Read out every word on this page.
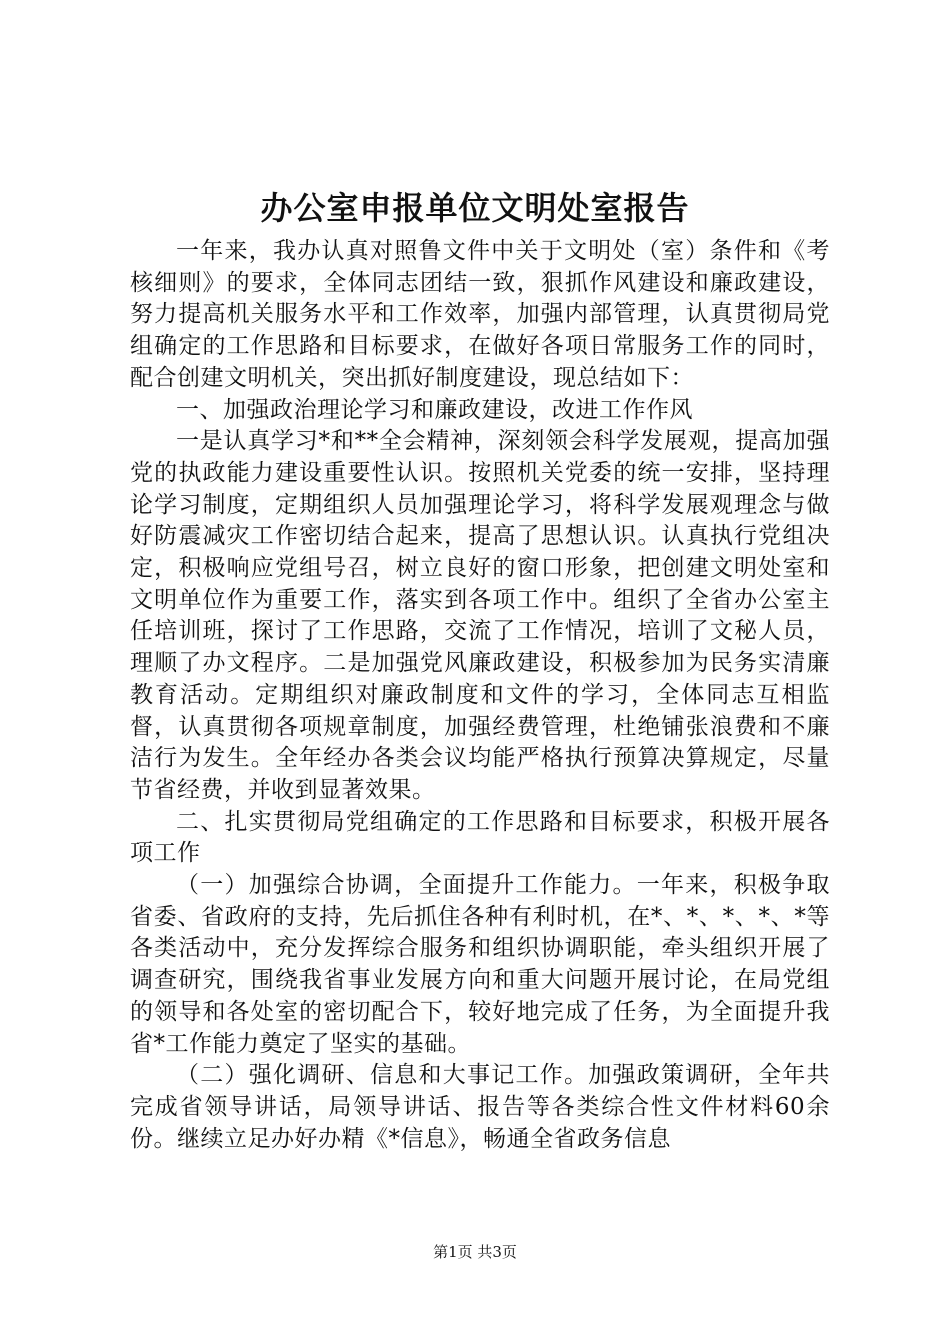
办公室申报单位文明处室报告

一年来，我办认真对照鲁文件中关于文明处（室）条件和《考核细则》的要求，全体同志团结一致，狠抓作风建设和廉政建设，努力提高机关服务水平和工作效率，加强内部管理，认真贯彻局党组确定的工作思路和目标要求，在做好各项日常服务工作的同时，配合创建文明机关，突出抓好制度建设，现总结如下：

一、加强政治理论学习和廉政建设，改进工作作风

一是认真学习*和**全会精神，深刻领会科学发展观，提高加强党的执政能力建设重要性认识。按照机关党委的统一安排，坚持理论学习制度，定期组织人员加强理论学习，将科学发展观理念与做好防震减灾工作密切结合起来，提高了思想认识。认真执行党组决定，积极响应党组号召，树立良好的窗口形象，把创建文明处室和文明单位作为重要工作，落实到各项工作中。组织了全省办公室主任培训班，探讨了工作思路，交流了工作情况，培训了文秘人员，理顺了办文程序。二是加强党风廉政建设，积极参加为民务实清廉教育活动。定期组织对廉政制度和文件的学习，全体同志互相监督，认真贯彻各项规章制度，加强经费管理，杜绝铺张浪费和不廉洁行为发生。全年经办各类会议均能严格执行预算决算规定，尽量节省经费，并收到显著效果。

二、扎实贯彻局党组确定的工作思路和目标要求，积极开展各项工作

（一）加强综合协调，全面提升工作能力。一年来，积极争取省委、省政府的支持，先后抓住各种有利时机，在*、*、*、*、*等各类活动中，充分发挥综合服务和组织协调职能，牵头组织开展了调查研究，围绕我省事业发展方向和重大问题开展讨论，在局党组的领导和各处室的密切配合下，较好地完成了任务，为全面提升我省*工作能力奠定了坚实的基础。

（二）强化调研、信息和大事记工作。加强政策调研，全年共完成省领导讲话，局领导讲话、报告等各类综合性文件材料60余份。继续立足办好办精《*信息》，畅通全省政务信息

第1页 共3页
